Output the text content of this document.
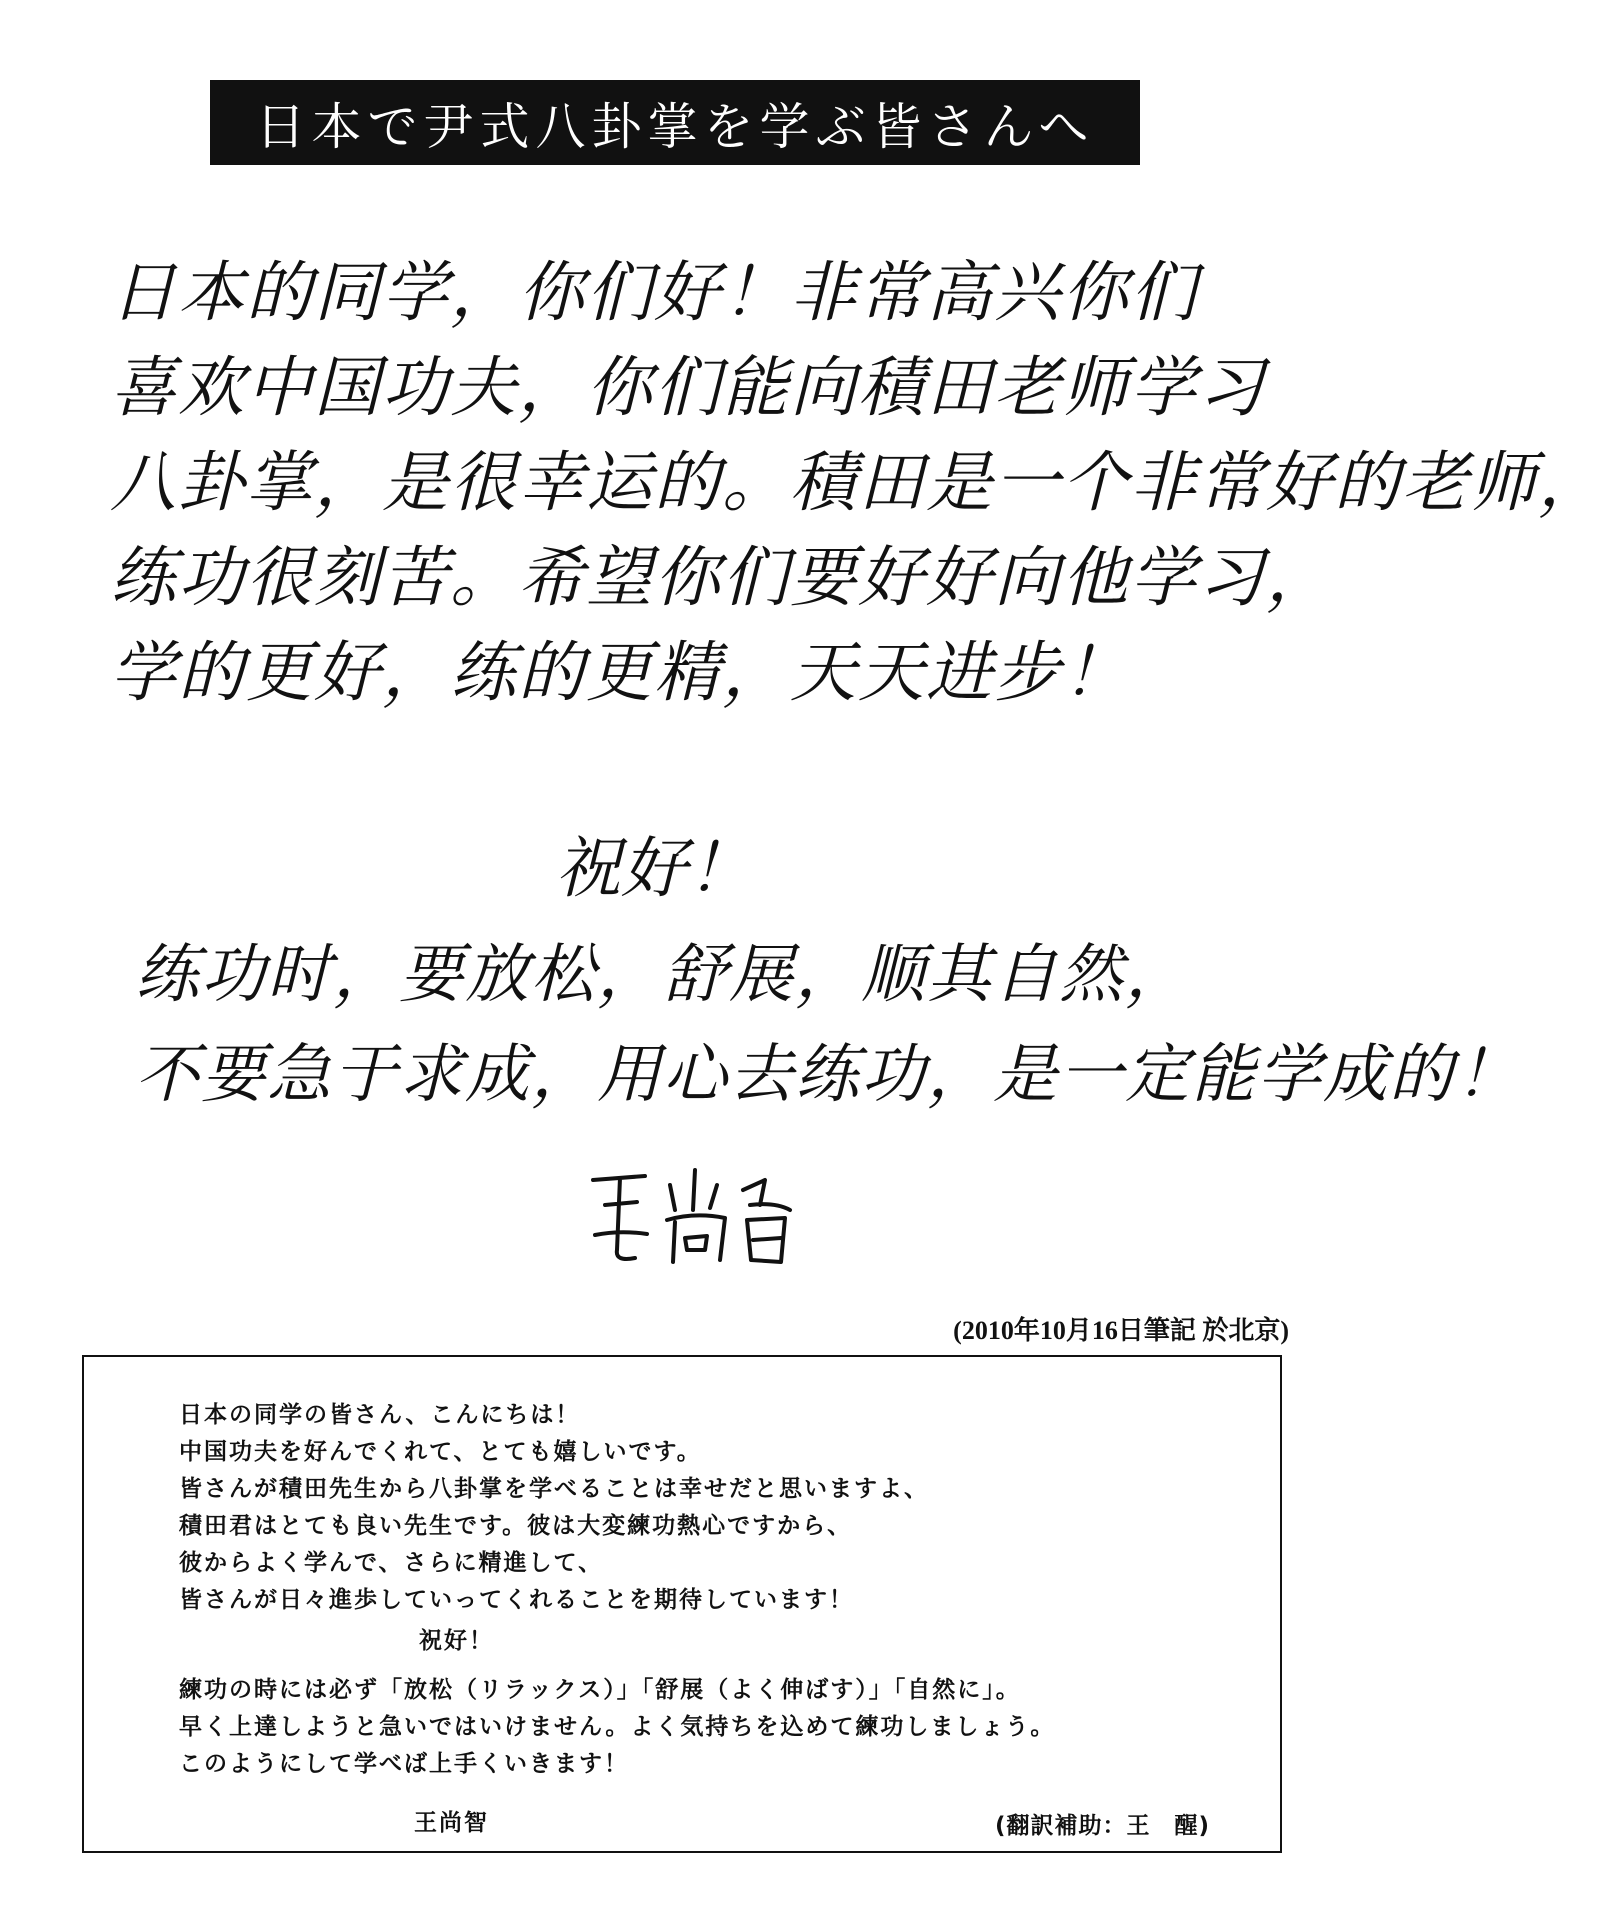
日本で尹式八卦掌を学ぶ皆さんへ
日本的同学，你们好！非常高兴你们
喜欢中国功夫，你们能向積田老师学习
八卦掌，是很幸运的。積田是一个非常好的老师，
练功很刻苦。希望你们要好好向他学习，
学的更好，练的更精，天天进步！
祝好！
练功时，要放松，舒展，顺其自然，
不要急于求成，用心去练功，是一定能学成的！
(2010年10月16日筆記 於北京)
日本の同学の皆さん、こんにちは！
中国功夫を好んでくれて、とても嬉しいです。
皆さんが積田先生から八卦掌を学べることは幸せだと思いますよ、
積田君はとても良い先生です。彼は大変練功熱心ですから、
彼からよく学んで、さらに精進して、
皆さんが日々進歩していってくれることを期待しています！
祝好！
練功の時には必ず「放松（リラックス）」「舒展（よく伸ばす）」「自然に」。
早く上達しようと急いではいけません。よく気持ちを込めて練功しましょう。
このようにして学べば上手くいきます！
王尚智	(翻訳補助：王　醒)
